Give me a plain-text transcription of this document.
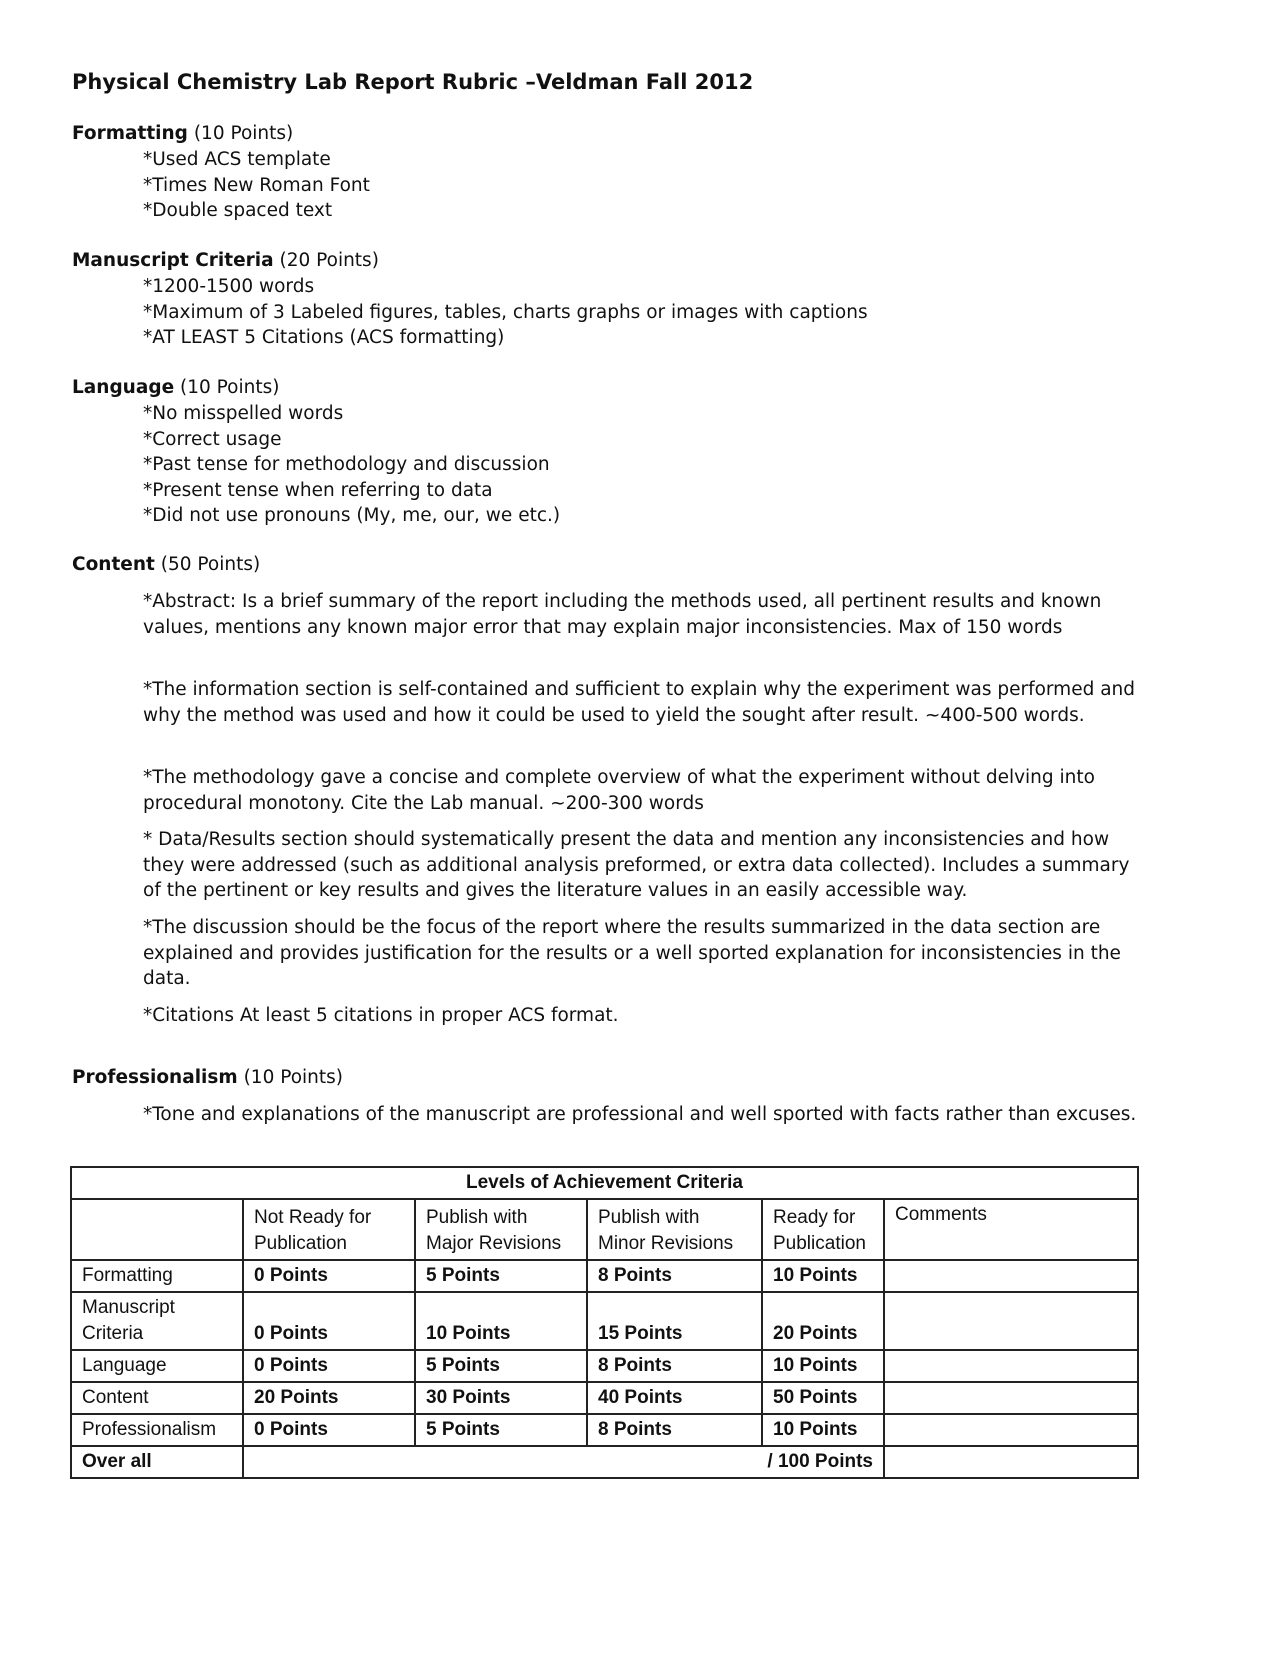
Physical Chemistry Lab Report Rubric –Veldman Fall 2012
Formatting (10 Points)
*Used ACS template
*Times New Roman Font
*Double spaced text
Manuscript Criteria (20 Points)
*1200-1500 words
*Maximum of 3 Labeled figures, tables, charts graphs or images with captions
*AT LEAST 5 Citations (ACS formatting)
Language (10 Points)
*No misspelled words
*Correct usage
*Past tense for methodology and discussion
*Present tense when referring to data
*Did not use pronouns (My, me, our, we etc.)
Content (50 Points)
*Abstract: Is a brief summary of the report including the methods used, all pertinent results and known values, mentions any known major error that may explain major inconsistencies. Max of 150 words
*The information section is self-contained and sufficient to explain why the experiment was performed and why the method was used and how it could be used to yield the sought after result. ~400-500 words.
*The methodology gave a concise and complete overview of what the experiment without delving into procedural monotony. Cite the Lab manual. ~200-300 words
* Data/Results section should systematically present the data and mention any inconsistencies and how they were addressed (such as additional analysis preformed, or extra data collected). Includes a summary of the pertinent or key results and gives the literature values in an easily accessible way.
*The discussion should be the focus of the report where the results summarized in the data section are explained and provides justification for the results or a well sported explanation for inconsistencies in the data.
*Citations At least 5 citations in proper ACS format.
Professionalism (10 Points)
*Tone and explanations of the manuscript are professional and well sported with facts rather than excuses.
Levels of Achievement Criteria					
	Not Ready for Publication	Publish with Major Revisions	Publish with Minor Revisions	Ready for Publication	Comments
Formatting	0 Points	5 Points	8 Points	10 Points	
Manuscript Criteria	0 Points	10 Points	15 Points	20 Points	
Language	0 Points	5 Points	8 Points	10 Points	
Content	20 Points	30 Points	40 Points	50 Points	
Professionalism	0 Points	5 Points	8 Points	10 Points	
Over all	/ 100 Points				
